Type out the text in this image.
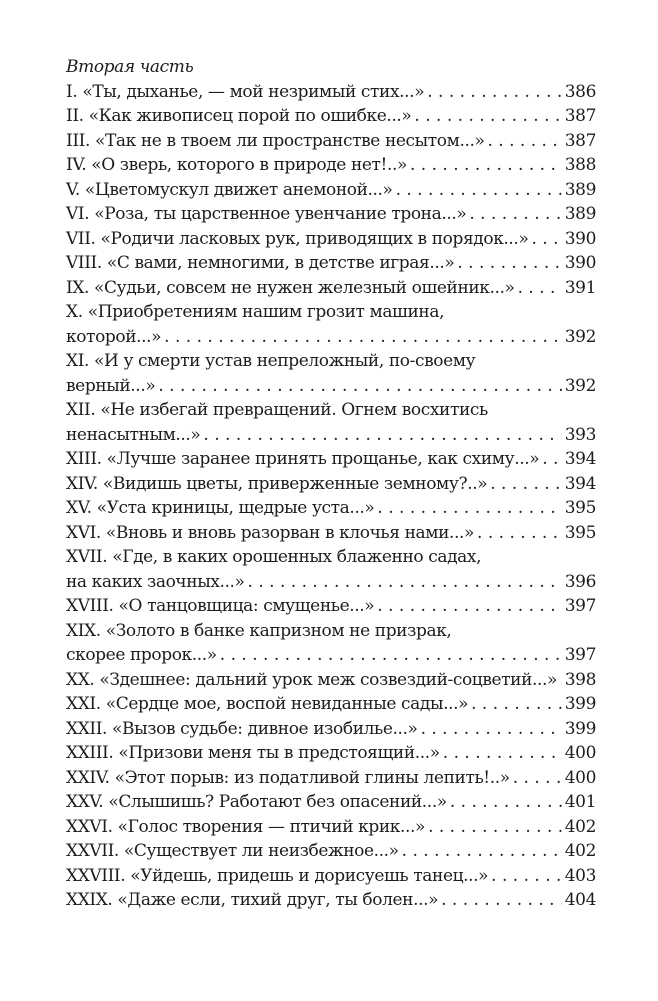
Вторая часть
I. «Ты, дыханье, — мой незримый стих...» . . .	386
II. «Как живописец порой по ошибке...» . . .	387
III. «Так не в твоем ли пространстве несытом...» . . .	387
IV. «О зверь, которого в природе нет!..» . . .	388
V. «Цветомускул движет анемоной...» . . .	389
VI. «Роза, ты царственное увенчание трона...» . . .	389
VII. «Родичи ласковых рук, приводящих в порядок...» . . . 390
VIII. «С вами, немногими, в детстве играя...» . . .	390
IX. «Судьи, совсем не нужен железный ошейник...» . . .	391
X. «Приобретениям нашим грозит машина,
которой...» . . .	392
XI. «И у смерти устав непреложный, по-своему
верный...» . . .	392
XII. «Не избегай превращений. Огнем восхитись
ненасытным...» . . .	393
XIII. «Лучше заранее принять прощанье, как схиму...» . . . 394
XIV. «Видишь цветы, приверженные земному?..» . . .	394
XV. «Уста криницы, щедрые уста...» . . .	395
XVI. «Вновь и вновь разорван в клочья нами...» . . .	395
XVII. «Где, в каких орошенных блаженно садах,
на каких заочных...» . . .	396
XVIII. «О танцовщица: смущенье...» . . .	397
XIX. «Золото в банке капризном не призрак,
скорее пророк...» . . .	397
XX. «Здешнее: дальний урок меж созвездий-соцветий...» . . . 398
XXI. «Сердце мое, воспой невиданные сады...» . . .	399
XXII. «Вызов судьбе: дивное изобилье...» . . .	399
XXIII. «Призови меня ты в предстоящий...» . . .	400
XXIV. «Этот порыв: из податливой глины лепить!..» . . .	400
XXV. «Слышишь? Работают без опасений...» . . .	401
XXVI. «Голос творения — птичий крик...» . . .	402
XXVII. «Существует ли неизбежное...» . . .	402
XXVIII. «Уйдешь, придешь и дорисуешь танец...» . . .	403
XXIX. «Даже если, тихий друг, ты болен...» . . .	404
